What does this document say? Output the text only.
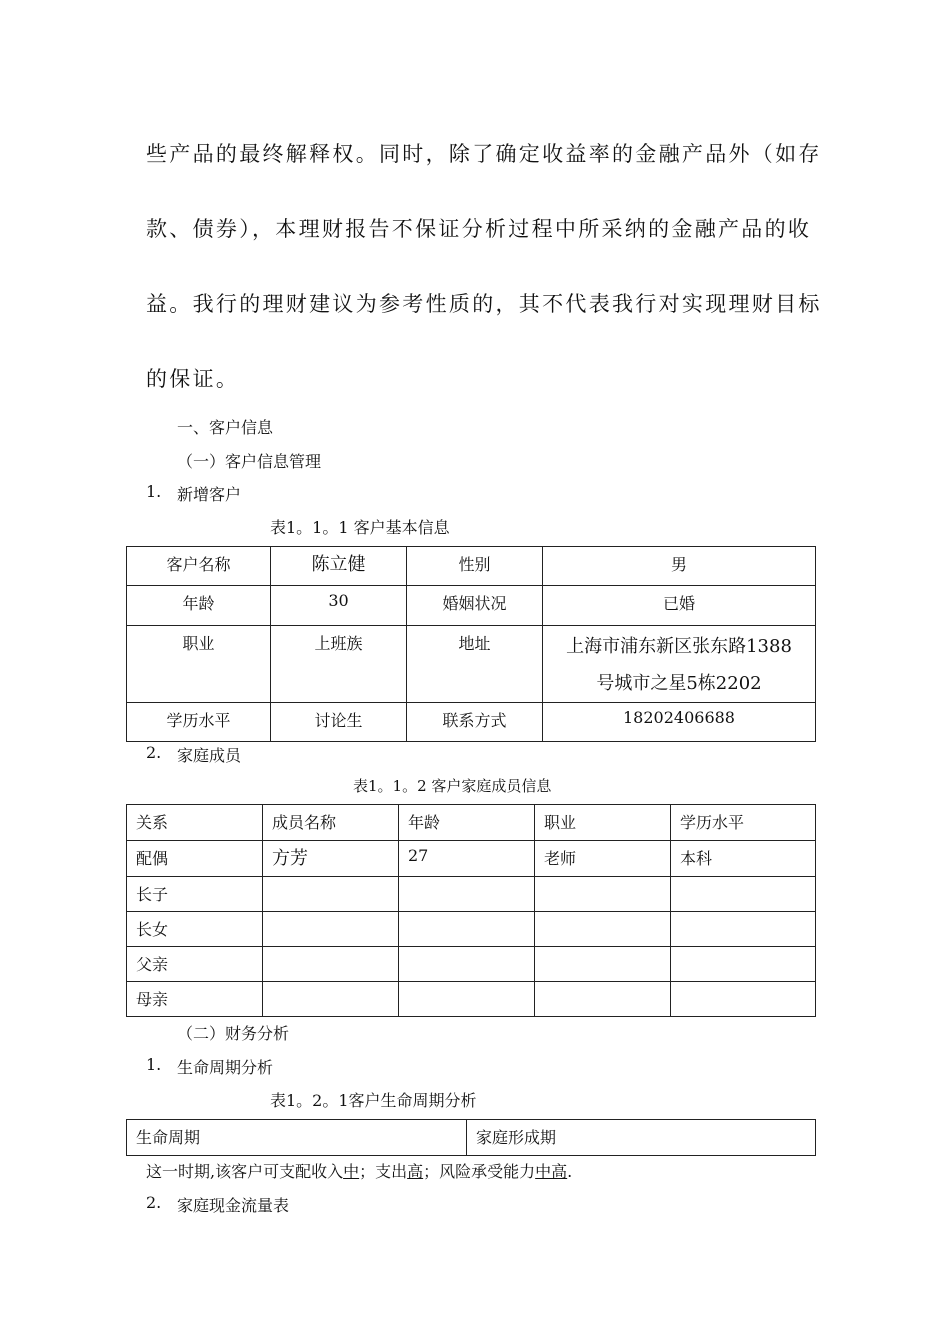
些产品的最终解释权。同时，除了确定收益率的金融产品外（如存
款、债券），本理财报告不保证分析过程中所采纳的金融产品的收
益。我行的理财建议为参考性质的，其不代表我行对实现理财目标
的保证。
一、客户信息
（一）客户信息管理
1. 新增客户
表1。1。1 客户基本信息
客户名称	陈立健	性别	男
年龄	30	婚姻状况	已婚
职业	上班族	地址	上海市浦东新区张东路1388
号城市之星5栋2202

学历水平	讨论生	联系方式	18202406688
2. 家庭成员
表1。1。2 客户家庭成员信息
关系	成员名称	年龄	职业	学历水平
配偶	方芳	27	老师	本科
长子				
长女				
父亲				
母亲				
（二）财务分析
1. 生命周期分析
表1。2。1客户生命周期分析
生命周期	家庭形成期
这一时期,该客户可支配收入中；支出高；风险承受能力中高.
2. 家庭现金流量表
